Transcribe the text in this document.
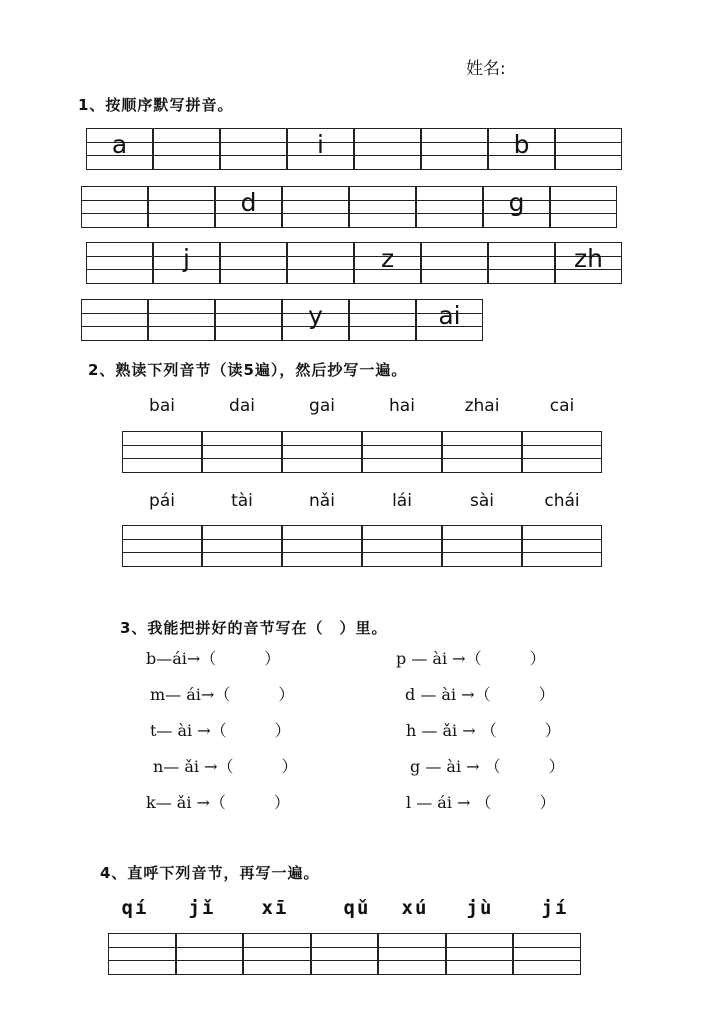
姓名:
1、按顺序默写拼音。
a	i	b
d	g
j	z	zh
y	ai
2、熟读下列音节（读5遍），然后抄写一遍。
bai	dai	gai	hai	zhai	cai
pái	tài	nǎi	lái	sài	chái
3、我能把拼好的音节写在（　）里。
b—ái→（　　　）
m— ái→（　　　）
t— ài →（　　　）
n— ǎi →（　　　）
k— ǎi →（　　　）
p — ài →（　　　）
d — ài →（　　　）
h — ǎi → （　　　）
g — ài → （　　　）
l — ái → （　　　）
4、直呼下列音节，再写一遍。
qí	jǐ	xī	qǔ	xú	jù	jí
